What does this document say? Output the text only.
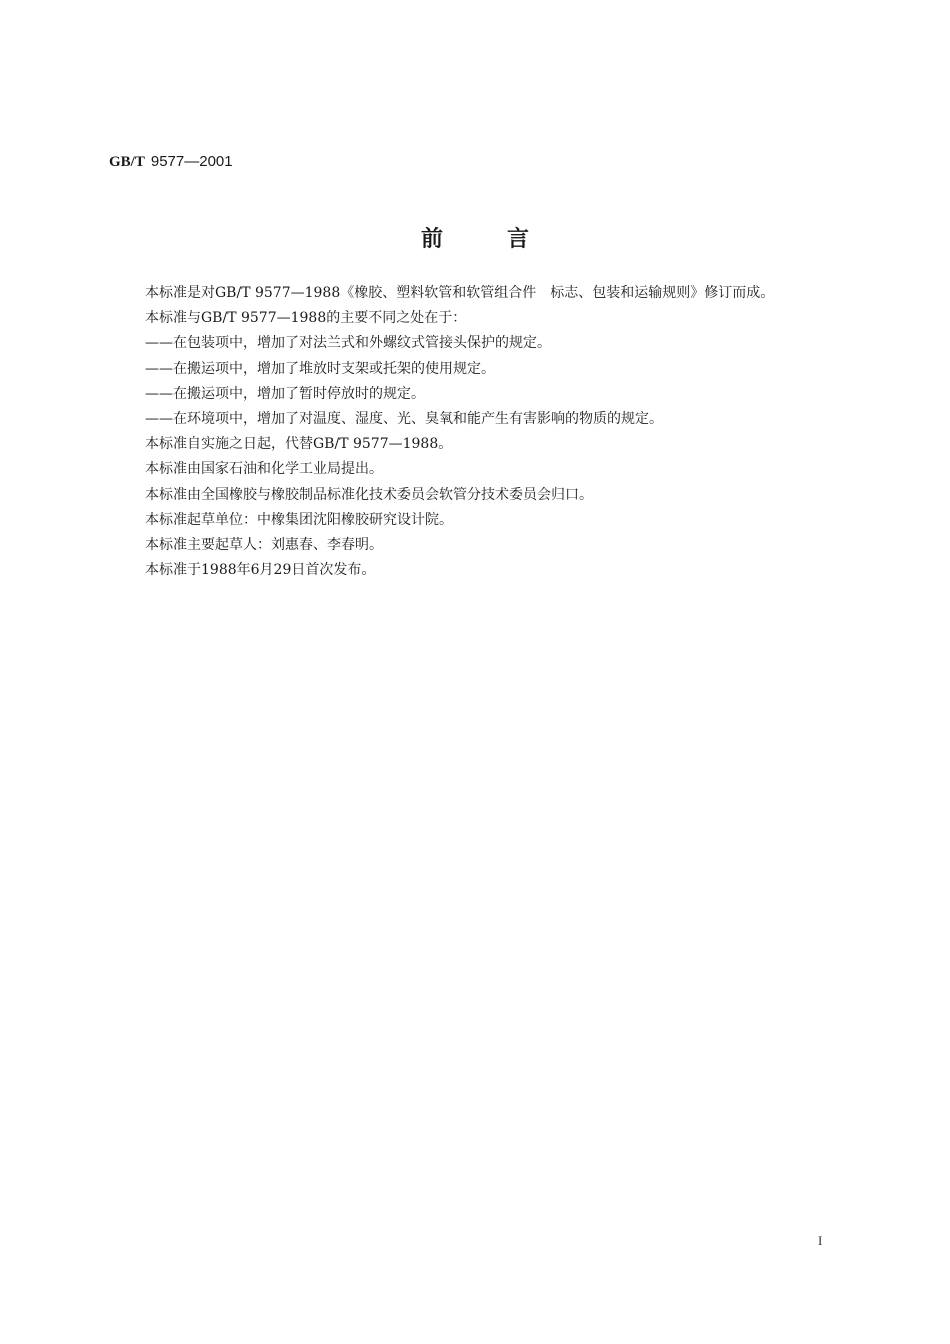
GB/T 9577—2001
前	言

本标准是对GB/T 9577—1988《橡胶、塑料软管和软管组合件　标志、包装和运输规则》修订而成。

本标准与GB/T 9577—1988的主要不同之处在于：

——在包装项中，增加了对法兰式和外螺纹式管接头保护的规定。

——在搬运项中，增加了堆放时支架或托架的使用规定。

——在搬运项中，增加了暂时停放时的规定。

——在环境项中，增加了对温度、湿度、光、臭氧和能产生有害影响的物质的规定。

本标准自实施之日起，代替GB/T 9577—1988。

本标准由国家石油和化学工业局提出。

本标准由全国橡胶与橡胶制品标准化技术委员会软管分技术委员会归口。

本标准起草单位：中橡集团沈阳橡胶研究设计院。

本标准主要起草人：刘惠春、李春明。

本标准于1988年6月29日首次发布。

I
